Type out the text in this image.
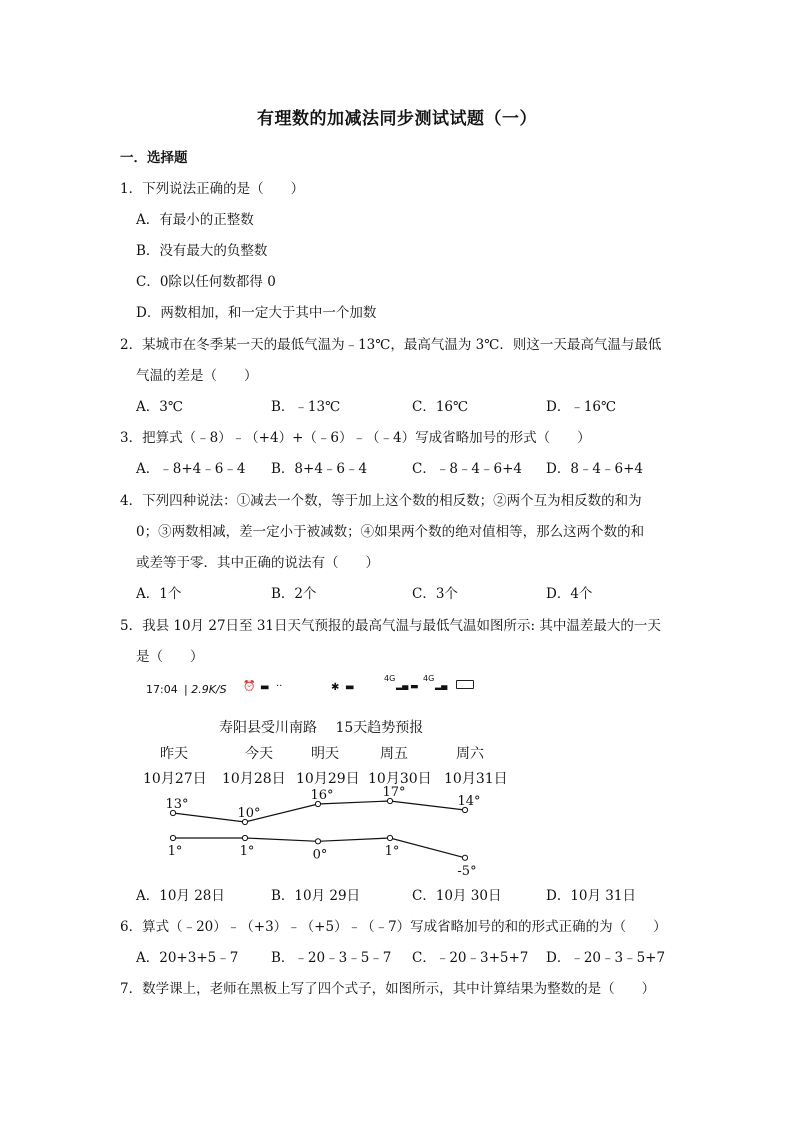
有理数的加减法同步测试试题（一）
一．选择题
1．下列说法正确的是（　　）
A．有最小的正整数
B．没有最大的负整数
C．0除以任何数都得 0
D．两数相加，和一定大于其中一个加数
2．某城市在冬季某一天的最低气温为﹣13℃，最高气温为 3℃．则这一天最高气温与最低
气温的差是（　　）
A．3℃	B．﹣13℃	C．16℃	D．﹣16℃
3．把算式（﹣8）﹣（+4）+（﹣6）﹣（﹣4）写成省略加号的形式（　　）
A．﹣8+4﹣6﹣4 B．8+4﹣6﹣4	C．﹣8﹣4﹣6+4 D．8﹣4﹣6+4
4．下列四种说法：①减去一个数，等于加上这个数的相反数；②两个互为相反数的和为
0；③两数相减，差一定小于被减数；④如果两个数的绝对值相等，那么这两个数的和
或差等于零．其中正确的说法有（　　）
A．1个	B．2个	C．3个	D．4个
5．我县 10月 27日至 31日天气预报的最高气温与最低气温如图所示: 其中温差最大的一天
是（　　）
17:04 | 2.9K/S ⏰ ▬ ··	✱ ▬
4G
▂▄ ▬
4G
▂▄
寿阳县受川南路　 15天趋势预报
昨天	今天	明天	周五	周六
10月27日 10月28日 10月29日 10月30日 10月31日
13°
10°
16°	17°
14°
1°	1°	0°	1°
-5°
A．10月 28日	B．10月 29日	C．10月 30日	D．10月 31日
6．算式（﹣20）﹣（+3）﹣（+5）﹣（﹣7）写成省略加号的和的形式正确的为（　　）
A．20+3+5﹣7 B．﹣20﹣3﹣5﹣7 C．﹣20﹣3+5+7 D．﹣20﹣3﹣5+7
7．数学课上，老师在黑板上写了四个式子，如图所示，其中计算结果为整数的是（　　）
